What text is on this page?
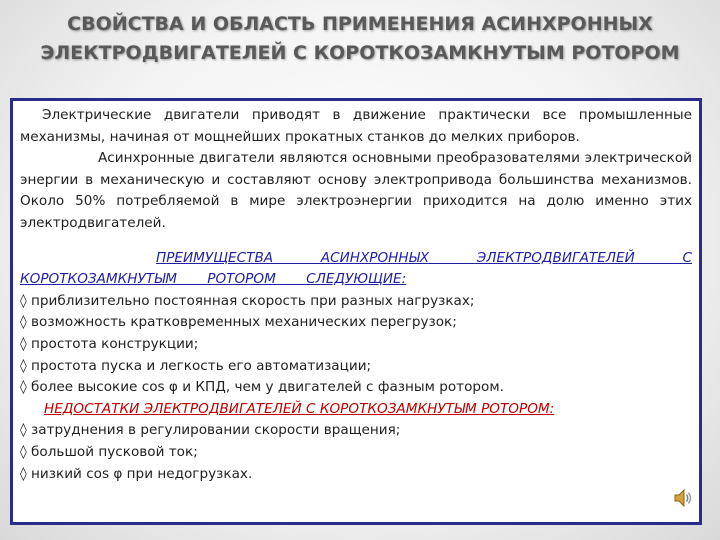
СВОЙСТВА И ОБЛАСТЬ ПРИМЕНЕНИЯ АСИНХРОННЫХ
ЭЛЕКТРОДВИГАТЕЛЕЙ С КОРОТКОЗАМКНУТЫМ РОТОРОМ

Электрические двигатели приводят в движение практически все промышленные механизмы, начиная от мощнейших прокатных станков до мелких приборов.

Асинхронные двигатели являются основными преобразователями электрической энергии в механическую и составляют основу электропривода большинства механизмов. Около 50% потребляемой в мире электроэнергии приходится на долю именно этих электродвигателей.

ПРЕИМУЩЕСТВА АСИНХРОННЫХ ЭЛЕКТРОДВИГАТЕЛЕЙ С КОРОТКОЗАМКНУТЫМ РОТОРОМ СЛЕДУЮЩИЕ:

◊ приблизительно постоянная скорость при разных нагрузках;
◊ возможность кратковременных механических перегрузок;
◊ простота конструкции;
◊ простота пуска и легкость его автоматизации;
◊ более высокие cos φ и КПД, чем у двигателей с фазным ротором.
НЕДОСТАТКИ ЭЛЕКТРОДВИГАТЕЛЕЙ С КОРОТКОЗАМКНУТЫМ РОТОРОМ:
◊ затруднения в регулировании скорости вращения;
◊ большой пусковой ток;
◊ низкий cos φ при недогрузках.
